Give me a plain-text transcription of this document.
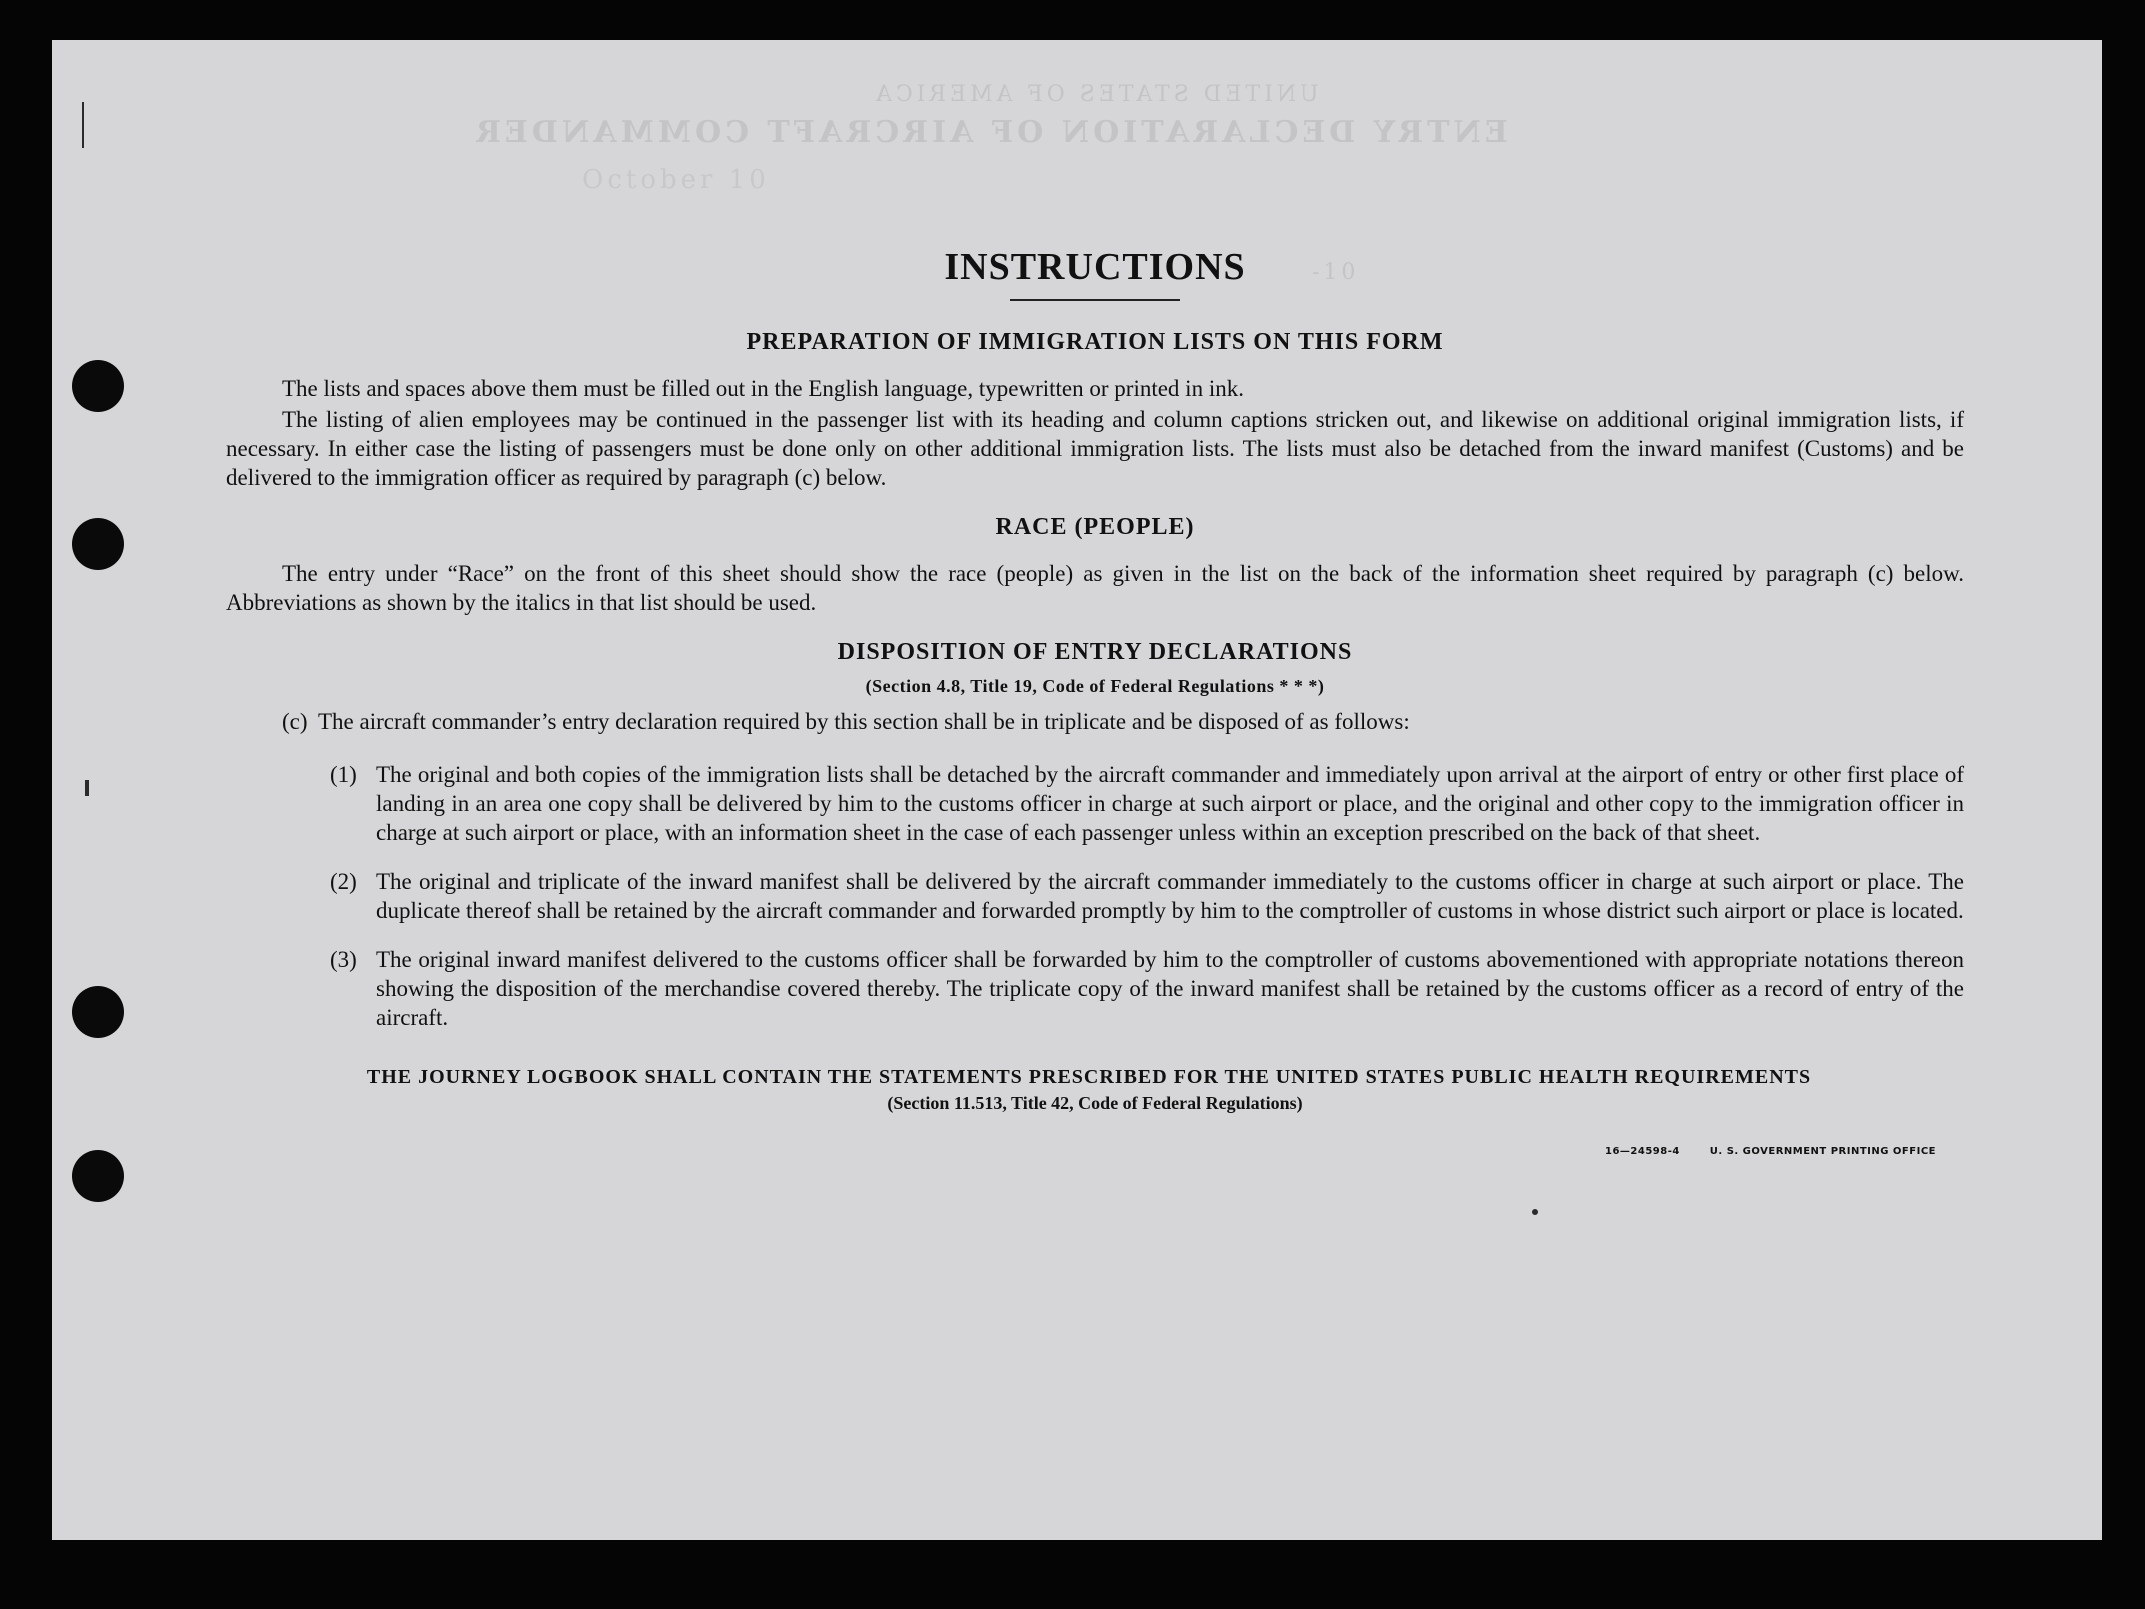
UNITED STATES OF AMERICA
ENTRY DECLARATION OF AIRCRAFT COMMANDER
October 10
-10
INSTRUCTIONS
PREPARATION OF IMMIGRATION LISTS ON THIS FORM

The lists and spaces above them must be filled out in the English language, typewritten or printed in ink.

The listing of alien employees may be continued in the passenger list with its heading and column captions stricken out, and likewise on additional original immigration lists, if necessary. In either case the listing of passengers must be done only on other additional immigration lists. The lists must also be detached from the inward manifest (Customs) and be delivered to the immigration officer as required by paragraph (c) below.

RACE (PEOPLE)

The entry under “Race” on the front of this sheet should show the race (people) as given in the list on the back of the information sheet required by paragraph (c) below. Abbreviations as shown by the italics in that list should be used.

DISPOSITION OF ENTRY DECLARATIONS
(Section 4.8, Title 19, Code of Federal Regulations * * *)
(c) The aircraft commander’s entry declaration required by this section shall be in triplicate and be disposed of as follows:
(1) The original and both copies of the immigration lists shall be detached by the aircraft commander and immediately upon arrival at the airport of entry or other first place of landing in an area one copy shall be delivered by him to the customs officer in charge at such airport or place, and the original and other copy to the immigration officer in charge at such airport or place, with an information sheet in the case of each passenger unless within an exception prescribed on the back of that sheet.
(2) The original and triplicate of the inward manifest shall be delivered by the aircraft commander immediately to the customs officer in charge at such airport or place. The duplicate thereof shall be retained by the aircraft commander and forwarded promptly by him to the comptroller of customs in whose district such airport or place is located.
(3) The original inward manifest delivered to the customs officer shall be forwarded by him to the comptroller of customs abovementioned with appropriate notations thereon showing the disposition of the merchandise covered thereby. The triplicate copy of the inward manifest shall be retained by the customs officer as a record of entry of the aircraft.
THE JOURNEY LOGBOOK SHALL CONTAIN THE STATEMENTS PRESCRIBED FOR THE UNITED STATES PUBLIC HEALTH REQUIREMENTS
(Section 11.513, Title 42, Code of Federal Regulations)
16—24598-4	U. S. GOVERNMENT PRINTING OFFICE
